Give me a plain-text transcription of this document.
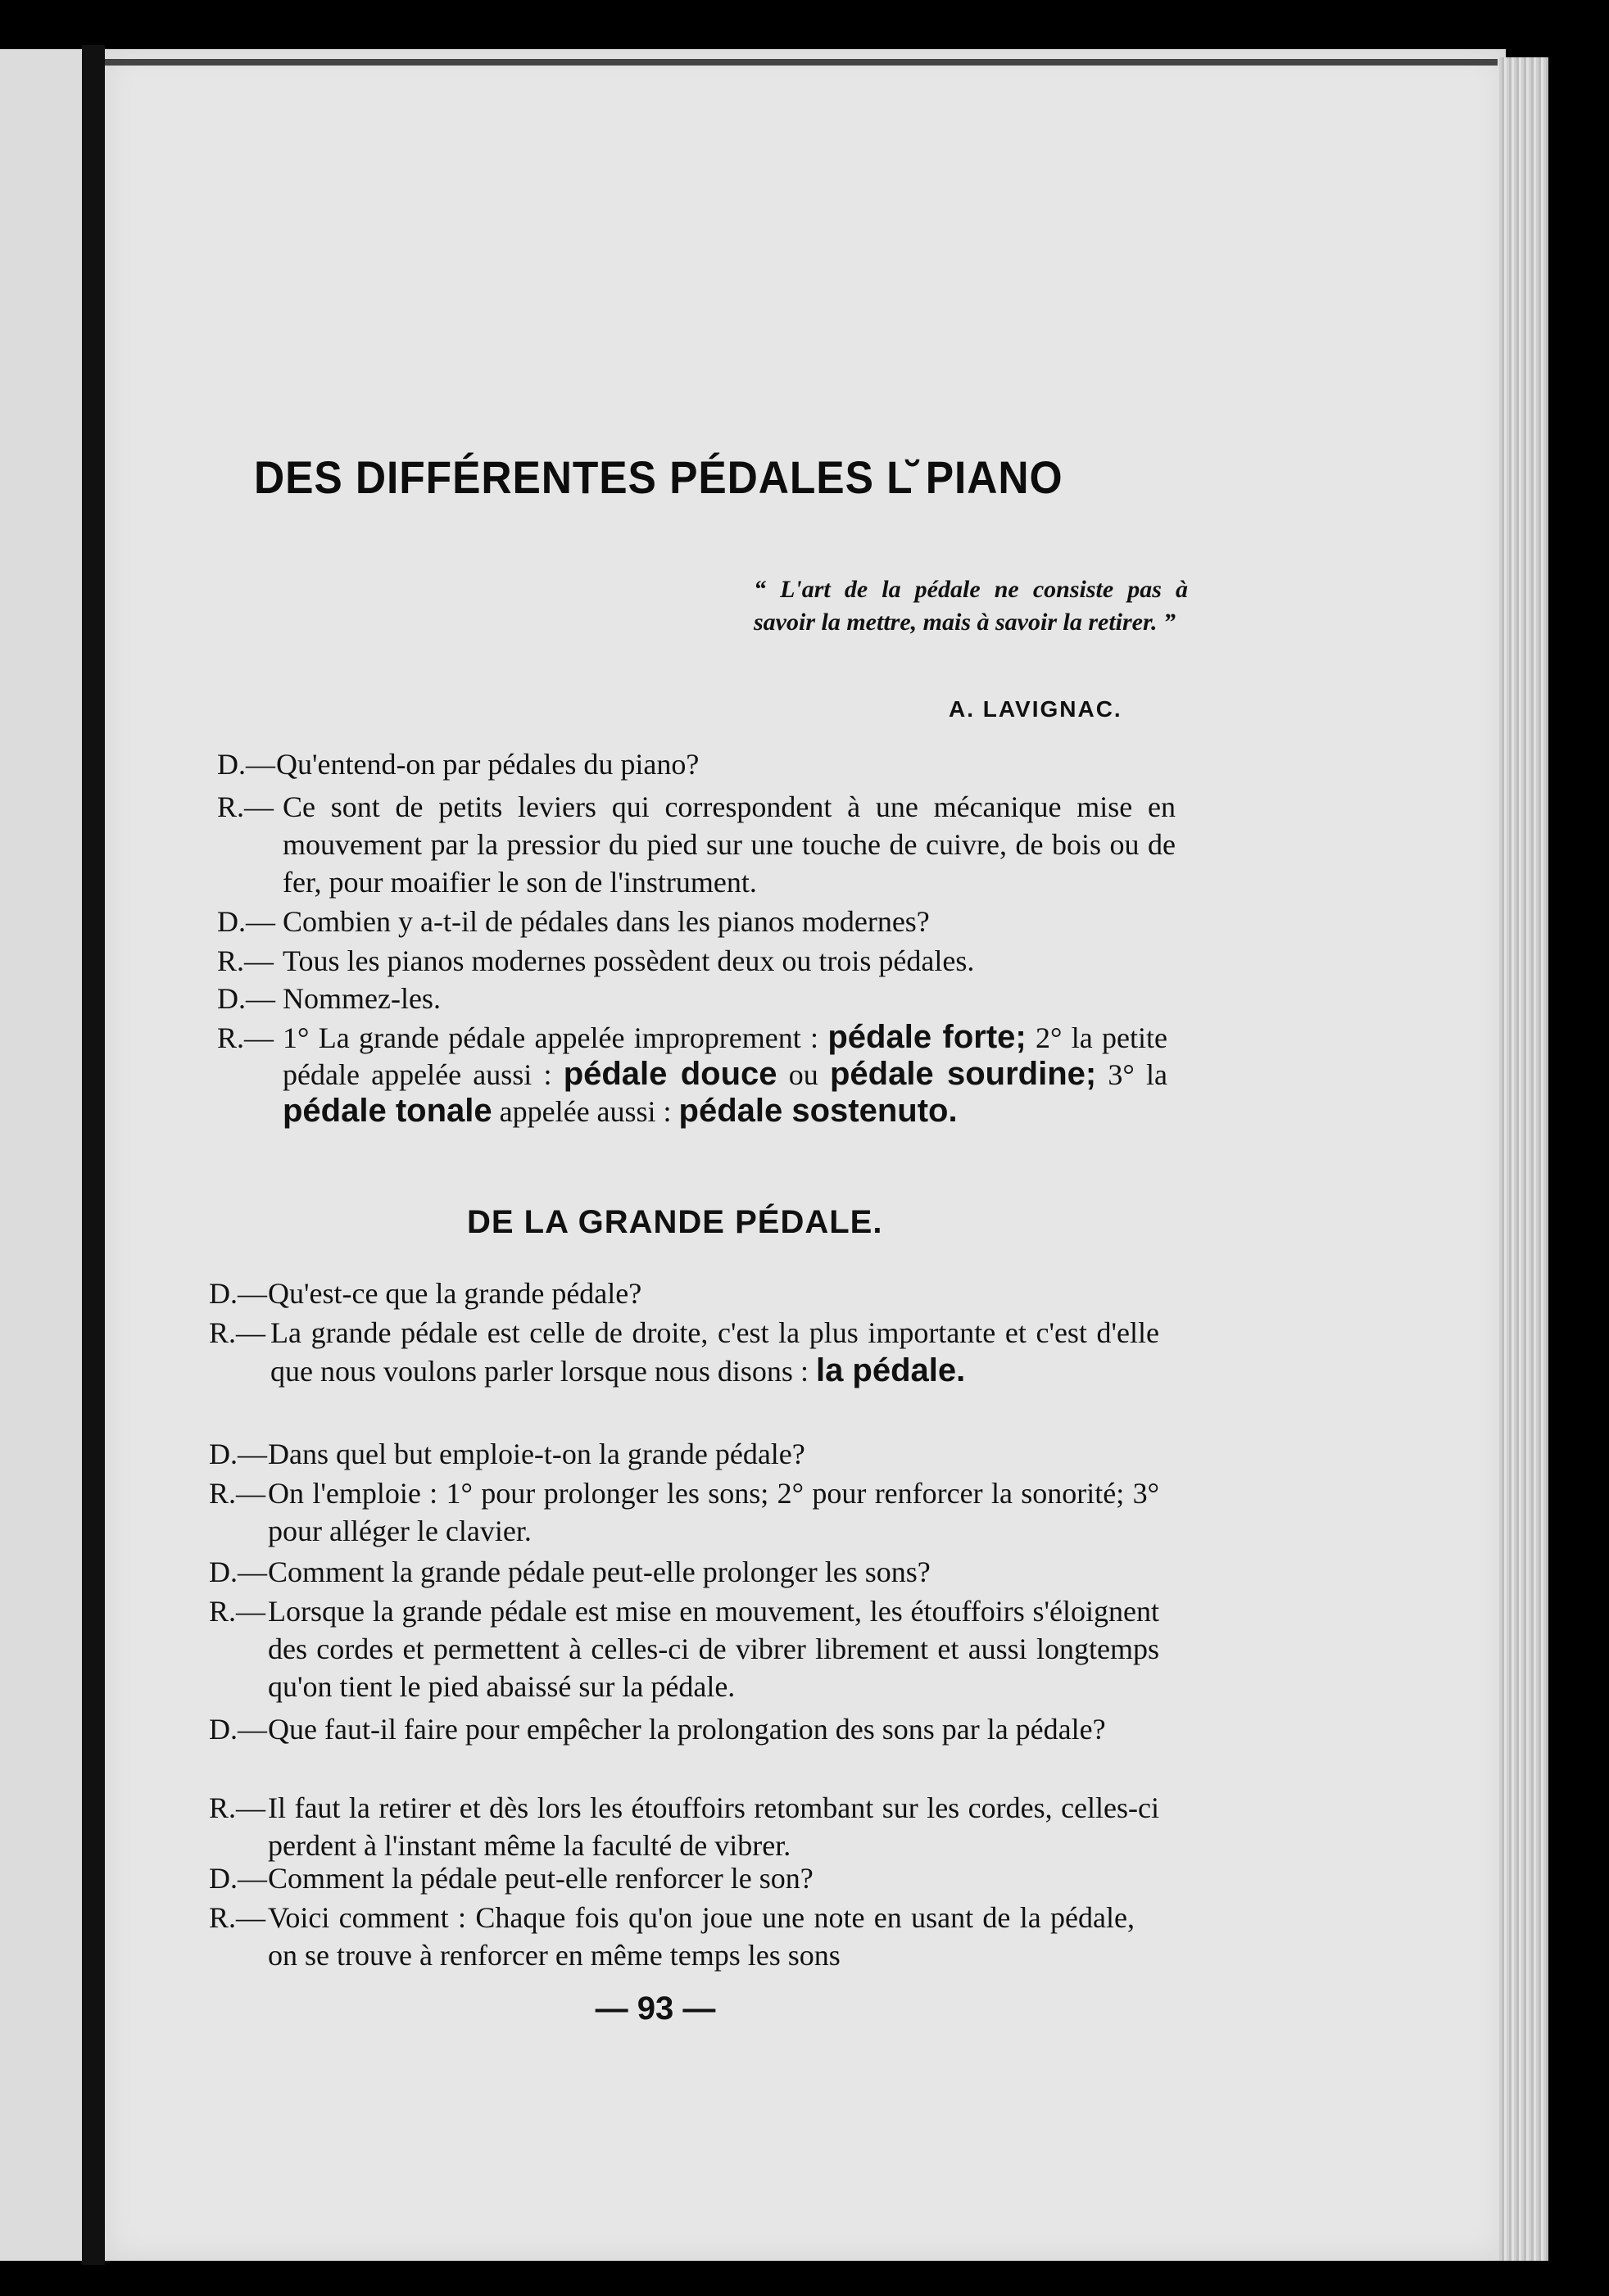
DES DIFFÉRENTES PÉDALES L‍̆ PIANO
“ L'art de la pédale ne consiste pas à savoir la mettre, mais à savoir la retirer. ”
A. LAVIGNAC.
D.— Qu'entend-on par pédales du piano?
R.— Ce sont de petits leviers qui correspondent à une mécanique mise en mouvement par la pressior du pied sur une touche de cuivre, de bois ou de fer, pour moaifier le son de l'instrument.
D.— Combien y a-t-il de pédales dans les pianos modernes?
R.— Tous les pianos modernes possèdent deux ou trois pédales.
D.— Nommez-les.
R.— 1° La grande pédale appelée improprement : pédale forte; 2° la petite pédale appelée aussi : pédale douce ou pédale sourdine; 3° la pédale tonale appelée aussi : pédale sostenuto.
DE LA GRANDE PÉDALE.
D.— Qu'est-ce que la grande pédale?
R.— La grande pédale est celle de droite, c'est la plus importante et c'est d'elle que nous voulons parler lorsque nous disons : la pédale.
D.— Dans quel but emploie-t-on la grande pédale?
R.— On l'emploie : 1° pour prolonger les sons; 2° pour renforcer la sonorité; 3° pour alléger le clavier.
D.— Comment la grande pédale peut-elle prolonger les sons?
R.— Lorsque la grande pédale est mise en mouvement, les étouffoirs s'éloignent des cordes et permettent à celles-ci de vibrer librement et aussi longtemps qu'on tient le pied abaissé sur la pédale.
D.— Que faut-il faire pour empêcher la prolongation des sons par la pédale?
R.— Il faut la retirer et dès lors les étouffoirs retombant sur les cordes, celles-ci perdent à l'instant même la faculté de vibrer.
D.— Comment la pédale peut-elle renforcer le son?
R.— Voici comment : Chaque fois qu'on joue une note en usant de la pédale, on se trouve à renforcer en même temps les sons
— 93 —
